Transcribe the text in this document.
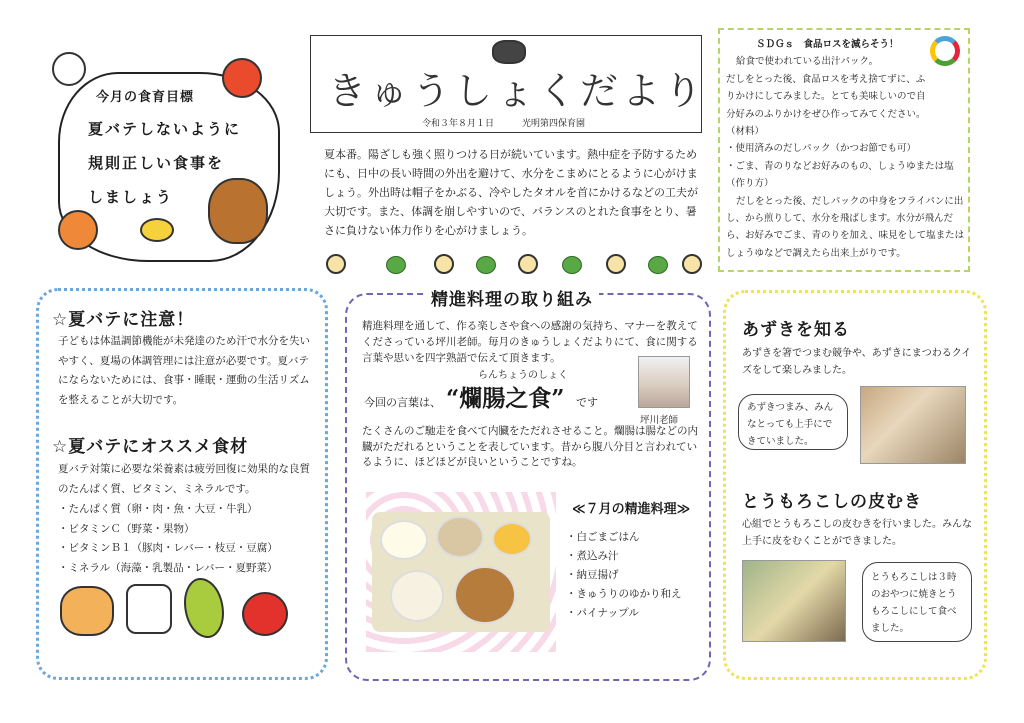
今月の食育目標
夏バテしないように
規則正しい食事を
しましょう
きゅうしょくだより
令和３年８月１日	光明第四保育園
夏本番。陽ざしも強く照りつける日が続いています。熱中症を予防するためにも、日中の長い時間の外出を避けて、水分をこまめにとるように心がけましょう。外出時は帽子をかぶる、冷やしたタオルを首にかけるなどの工夫が大切です。また、体調を崩しやすいので、バランスのとれた食事をとり、暑さに負けない体力作りを心がけましょう。
ＳＤＧｓ　食品ロスを減らそう！
給食で使われている出汁パック。
だしをとった後、食品ロスを考え捨てずに、ふりかけにしてみました。とても美味しいので自分好みのふりかけをぜひ作ってみてください。
（材料）
・使用済みのだしパック（かつお節でも可）
・ごま、青のりなどお好みのもの、しょうゆまたは塩
（作り方）
だしをとった後、だしパックの中身をフライパンに出し、から煎りして、水分を飛ばします。水分が飛んだら、お好みでごま、青のりを加え、味見をして塩またはしょうゆなどで調えたら出来上がりです。
☆夏バテに注意！
子どもは体温調節機能が未発達のため汗で水分を失いやすく、夏場の体調管理には注意が必要です。夏バテにならないためには、食事・睡眠・運動の生活リズムを整えることが大切です。
☆夏バテにオススメ食材
夏バテ対策に必要な栄養素は疲労回復に効果的な良質のたんぱく質、ビタミン、ミネラルです。
・たんぱく質（卵・肉・魚・大豆・牛乳）
・ビタミンＣ（野菜・果物）
・ビタミンＢ１（豚肉・レバー・枝豆・豆腐）
・ミネラル（海藻・乳製品・レバー・夏野菜）
精進料理の取り組み
精進料理を通して、作る楽しさや食への感謝の気持ち、マナーを教えてくださっている坪川老師。毎月のきゅうしょくだよりにて、食に関する言葉や思いを四字熟語で伝えて頂きます。
らんちょうのしょく
今回の言葉は、 “爛腸之食” です
坪川老師
たくさんのご馳走を食べて内臓をただれさせること。爛腸は腸などの内臓がただれるということを表しています。昔から腹八分目と言われているように、ほどほどが良いということですね。
≪７月の精進料理≫
・白ごまごはん
・煮込み汁
・納豆揚げ
・きゅうりのゆかり和え
・パイナップル
あずきを知る
あずきを箸でつまむ競争や、あずきにまつわるクイズをして楽しみました。
あずきつまみ、みんなとっても上手にできていました。
とうもろこしの皮むき
心組でとうもろこしの皮むきを行いました。みんな上手に皮をむくことができました。
とうもろこしは３時のおやつに焼きとうもろこしにして食べました。
